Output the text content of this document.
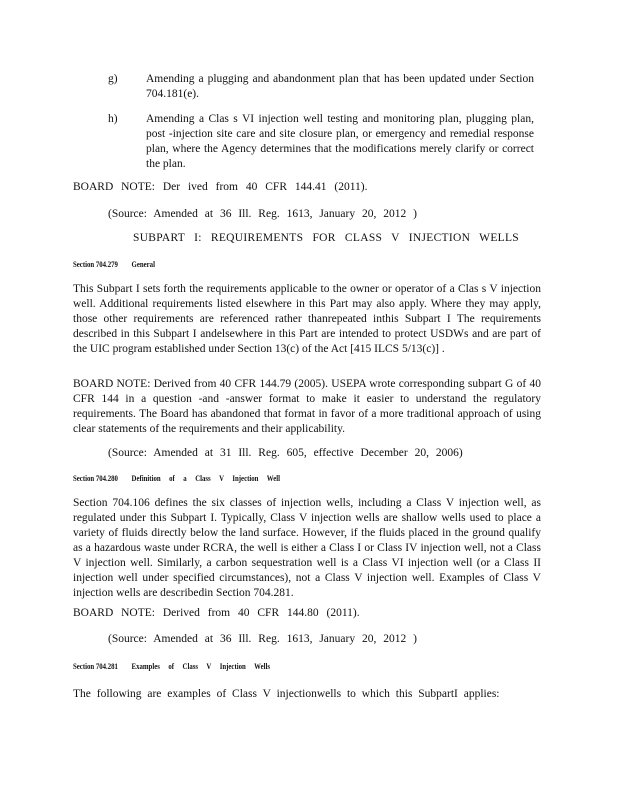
g) Amending a plugging and abandonment plan that has been updated under Section 704.181(e).
h) Amending a Clas s VI injection well testing and monitoring plan, plugging plan, post -injection site care and site closure plan, or emergency and remedial response plan, where the Agency determines that the modifications merely clarify or correct the plan.

BOARD NOTE: Der ived from 40 CFR 144.41 (2011).

(Source: Amended at 36 Ill. Reg. 1613, January 20, 2012 )

SUBPART I: REQUIREMENTS FOR CLASS V INJECTION WELLS
Section 704.279 General

This Subpart I sets forth the requirements applicable to the owner or operator of a Clas s V injection well. Additional requirements listed elsewhere in this Part may also apply. Where they may apply, those other requirements are referenced rather thanrepeated inthis Subpart I The requirements described in this Subpart I andelsewhere in this Part are intended to protect USDWs and are part of the UIC program established under Section 13(c) of the Act [415 ILCS 5/13(c)] .

BOARD NOTE: Derived from 40 CFR 144.79 (2005). USEPA wrote corresponding subpart G of 40 CFR 144 in a question -and -answer format to make it easier to understand the regulatory requirements. The Board has abandoned that format in favor of a more traditional approach of using clear statements of the requirements and their applicability.

(Source: Amended at 31 Ill. Reg. 605, effective December 20, 2006)

Section 704.280 Definition of a Class V Injection Well

Section 704.106 defines the six classes of injection wells, including a Class V injection well, as regulated under this Subpart I. Typically, Class V injection wells are shallow wells used to place a variety of fluids directly below the land surface. However, if the fluids placed in the ground qualify as a hazardous waste under RCRA, the well is either a Class I or Class IV injection well, not a Class V injection well. Similarly, a carbon sequestration well is a Class VI injection well (or a Class II injection well under specified circumstances), not a Class V injection well. Examples of Class V injection wells are describedin Section 704.281.

BOARD NOTE: Derived from 40 CFR 144.80 (2011).

(Source: Amended at 36 Ill. Reg. 1613, January 20, 2012 )

Section 704.281 Examples of Class V Injection Wells

The following are examples of Class V injectionwells to which this SubpartI applies:
